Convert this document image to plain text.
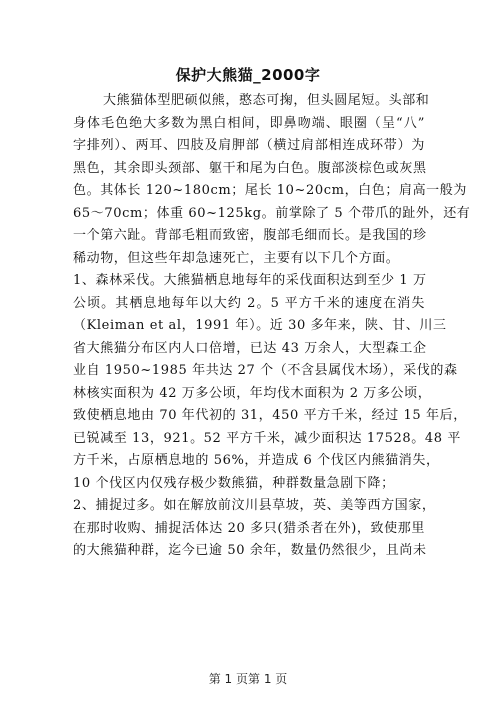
保护大熊猫_2000字
大熊猫体型肥硕似熊，憨态可掬，但头圆尾短。头部和
身体毛色绝大多数为黑白相间，即鼻吻端、眼圈（呈“八”
字排列）、两耳、四肢及肩胛部（横过肩部相连成环带）为
黑色，其余即头颈部、躯干和尾为白色。腹部淡棕色或灰黑
色。其体长 120~180cm；尾长 10~20cm，白色；肩高一般为
65～70cm；体重 60~125kg。前掌除了 5 个带爪的趾外，还有
一个第六趾。背部毛粗而致密，腹部毛细而长。是我国的珍
稀动物，但这些年却急速死亡，主要有以下几个方面。
1、森林采伐。大熊猫栖息地每年的采伐面积达到至少 1 万
公顷。其栖息地每年以大约 2。5 平方千米的速度在消失
（Kleiman et al，1991 年）。近 30 多年来，陕、甘、川三
省大熊猫分布区内人口倍增，已达 43 万余人，大型森工企
业自 1950~1985 年共达 27 个（不含县属伐木场），采伐的森
林核实面积为 42 万多公顷，年均伐木面积为 2 万多公顷，
致使栖息地由 70 年代初的 31，450 平方千米，经过 15 年后，
已锐减至 13，921。52 平方千米，减少面积达 17528。48 平
方千米，占原栖息地的 56%，并造成 6 个伐区内熊猫消失，
10 个伐区内仅残存极少数熊猫，种群数量急剧下降；
2、捕捉过多。如在解放前汶川县草坡，英、美等西方国家，
在那时收购、捕捉活体达 20 多只(猎杀者在外)，致使那里
的大熊猫种群，迄今已逾 50 余年，数量仍然很少，且尚未
第 1 页第 1 页
